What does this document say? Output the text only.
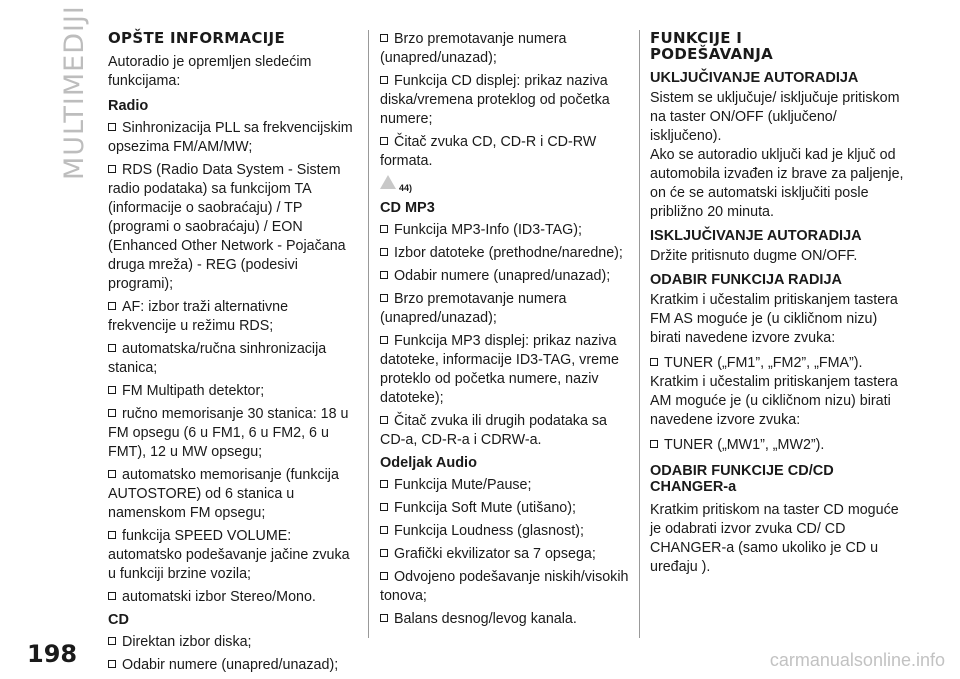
MULTIMEDIJI
198
OPŠTE INFORMACIJE
Autoradio je opremljen sledećim funkcijama:
Radio
Sinhronizacija PLL sa frekvencijskim opsezima FM/AM/MW;
RDS (Radio Data System - Sistem radio podataka) sa funkcijom TA (informacije o saobraćaju) / TP (programi o saobraćaju) / EON (Enhanced Other Network - Pojačana druga mreža) - REG (podesivi programi);
AF: izbor traži alternativne frekvencije u režimu RDS;
automatska/ručna sinhronizacija stanica;
FM Multipath detektor;
ručno memorisanje 30 stanica: 18 u FM opsegu (6 u FM1, 6 u FM2, 6 u FMT), 12 u MW opsegu;
automatsko memorisanje (funkcija AUTOSTORE) od 6 stanica u namenskom FM opsegu;
funkcija SPEED VOLUME: automatsko podešavanje jačine zvuka u funkciji brzine vozila;
automatski izbor Stereo/Mono.
CD
Direktan izbor diska;
Odabir numere (unapred/unazad);
Brzo premotavanje numera (unapred/unazad);
Funkcija CD displej: prikaz naziva diska/vremena proteklog od početka numere;
Čitač zvuka CD, CD-R i CD-RW formata.
44)
CD MP3
Funkcija MP3-Info (ID3-TAG);
Izbor datoteke (prethodne/naredne);
Odabir numere (unapred/unazad);
Brzo premotavanje numera (unapred/unazad);
Funkcija MP3 displej: prikaz naziva datoteke, informacije ID3-TAG, vreme proteklo od početka numere, naziv datoteke);
Čitač zvuka ili drugih podataka sa CD-a, CD-R-a i CDRW-a.
Odeljak Audio
Funkcija Mute/Pause;
Funkcija Soft Mute (utišano);
Funkcija Loudness (glasnost);
Grafički ekvilizator sa 7 opsega;
Odvojeno podešavanje niskih/visokih tonova;
Balans desnog/levog kanala.
FUNKCIJE I
PODEŠAVANJA
UKLJUČIVANJE AUTORADIJA
Sistem se uključuje/ isključuje pritiskom na taster ON/OFF (uključeno/ isključeno).
Ako se autoradio uključi kad je ključ od automobila izvađen iz brave za paljenje, on će se automatski isključiti posle približno 20 minuta.
ISKLJUČIVANJE AUTORADIJA
Držite pritisnuto dugme ON/OFF.
ODABIR FUNKCIJA RADIJA
Kratkim i učestalim pritiskanjem tastera FM AS moguće je (u cikličnom nizu) birati navedene izvore zvuka:
TUNER („FM1”, „FM2”, „FMA”).
Kratkim i učestalim pritiskanjem tastera AM moguće je (u cikličnom nizu) birati navedene izvore zvuka:
TUNER („MW1”, „MW2”).
ODABIR FUNKCIJE CD/CD
CHANGER-a
Kratkim pritiskom na taster CD moguće je odabrati izvor zvuka CD/ CD CHANGER-a (samo ukoliko je CD u uređaju ).
carmanualsonline.info
